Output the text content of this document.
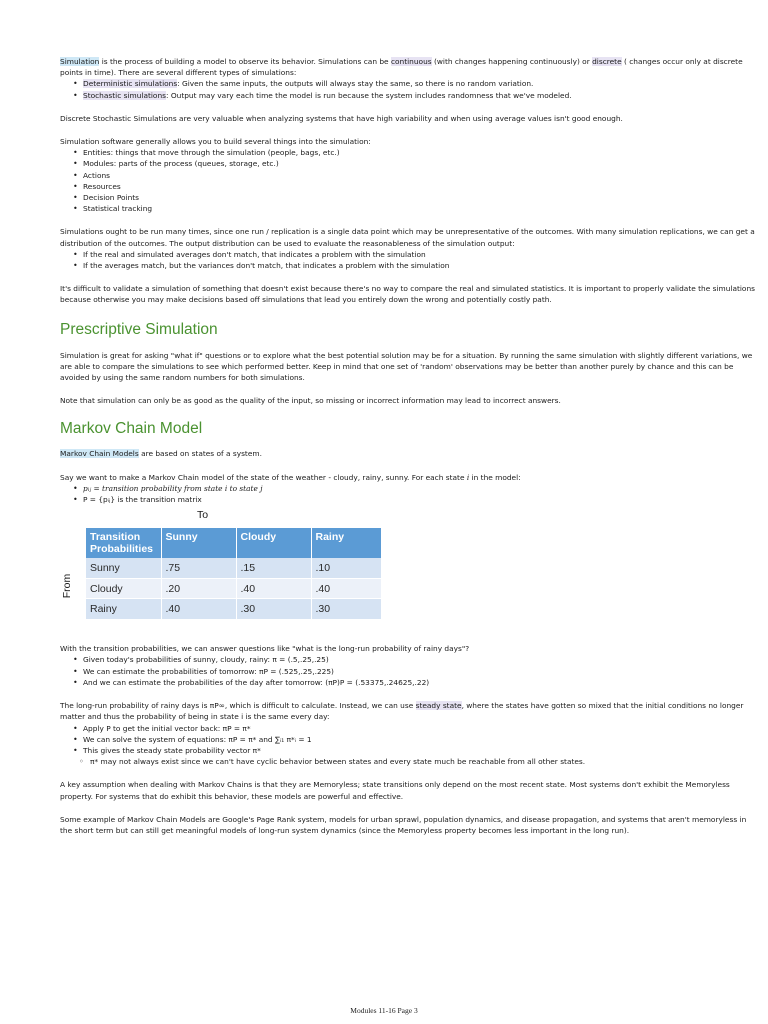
Simulation is the process of building a model to observe its behavior. Simulations can be continuous (with changes happening continuously) or discrete ( changes occur only at discrete points in time). There are several different types of simulations:

• Deterministic simulations: Given the same inputs, the outputs will always stay the same, so there is no random variation.
• Stochastic simulations: Output may vary each time the model is run because the system includes randomness that we've modeled.

Discrete Stochastic Simulations are very valuable when analyzing systems that have high variability and when using average values isn't good enough.

Simulation software generally allows you to build several things into the simulation:

• Entities: things that move through the simulation (people, bags, etc.)
• Modules: parts of the process (queues, storage, etc.)
• Actions
• Resources
• Decision Points
• Statistical tracking

Simulations ought to be run many times, since one run / replication is a single data point which may be unrepresentative of the outcomes. With many simulation replications, we can get a distribution of the outcomes. The output distribution can be used to evaluate the reasonableness of the simulation output:

• If the real and simulated averages don't match, that indicates a problem with the simulation
• If the averages match, but the variances don't match, that indicates a problem with the simulation

It's difficult to validate a simulation of something that doesn't exist because there's no way to compare the real and simulated statistics. It is important to properly validate the simulations because otherwise you may make decisions based off simulations that lead you entirely down the wrong and potentially costly path.

Prescriptive Simulation

Simulation is great for asking "what if" questions or to explore what the best potential solution may be for a situation. By running the same simulation with slightly different variations, we are able to compare the simulations to see which performed better. Keep in mind that one set of 'random' observations may be better than another purely by chance and this can be avoided by using the same random numbers for both simulations.

Note that simulation can only be as good as the quality of the input, so missing or incorrect information may lead to incorrect answers.

Markov Chain Model

Markov Chain Models are based on states of a system.

Say we want to make a Markov Chain model of the state of the weather - cloudy, rainy, sunny. For each state i in the model:

• pᵢⱼ = transition probability from state i to state j
• P = {pᵢⱼ} is the transition matrix
To
From
Transition Probabilities	Sunny	Cloudy	Rainy
Sunny	.75	.15	.10
Cloudy	.20	.40	.40
Rainy	.40	.30	.30

With the transition probabilities, we can answer questions like "what is the long-run probability of rainy days"?

• Given today's probabilities of sunny, cloudy, rainy: π = (.5,.25,.25)
• We can estimate the probabilities of tomorrow: πP = (.525,.25,.225)
• And we can estimate the probabilities of the day after tomorrow: (πP)P = (.53375,.24625,.22)

The long-run probability of rainy days is πP∞, which is difficult to calculate. Instead, we can use steady state, where the states have gotten so mixed that the initial conditions no longer matter and thus the probability of being in state i is the same every day:

• Apply P to get the initial vector back: πP = π*
• We can solve the system of equations: πP = π* and ∑ᵢ₁ π*ᵢ = 1
• This gives the steady state probability vector π*
◦ π* may not always exist since we can't have cyclic behavior between states and every state much be reachable from all other states.

A key assumption when dealing with Markov Chains is that they are Memoryless; state transitions only depend on the most recent state. Most systems don't exhibit the Memoryless property. For systems that do exhibit this behavior, these models are powerful and effective.

Some example of Markov Chain Models are Google's Page Rank system, models for urban sprawl, population dynamics, and disease propagation, and systems that aren't memoryless in the short term but can still get meaningful models of long-run system dynamics (since the Memoryless property becomes less important in the long run).

Modules 11-16 Page 3
